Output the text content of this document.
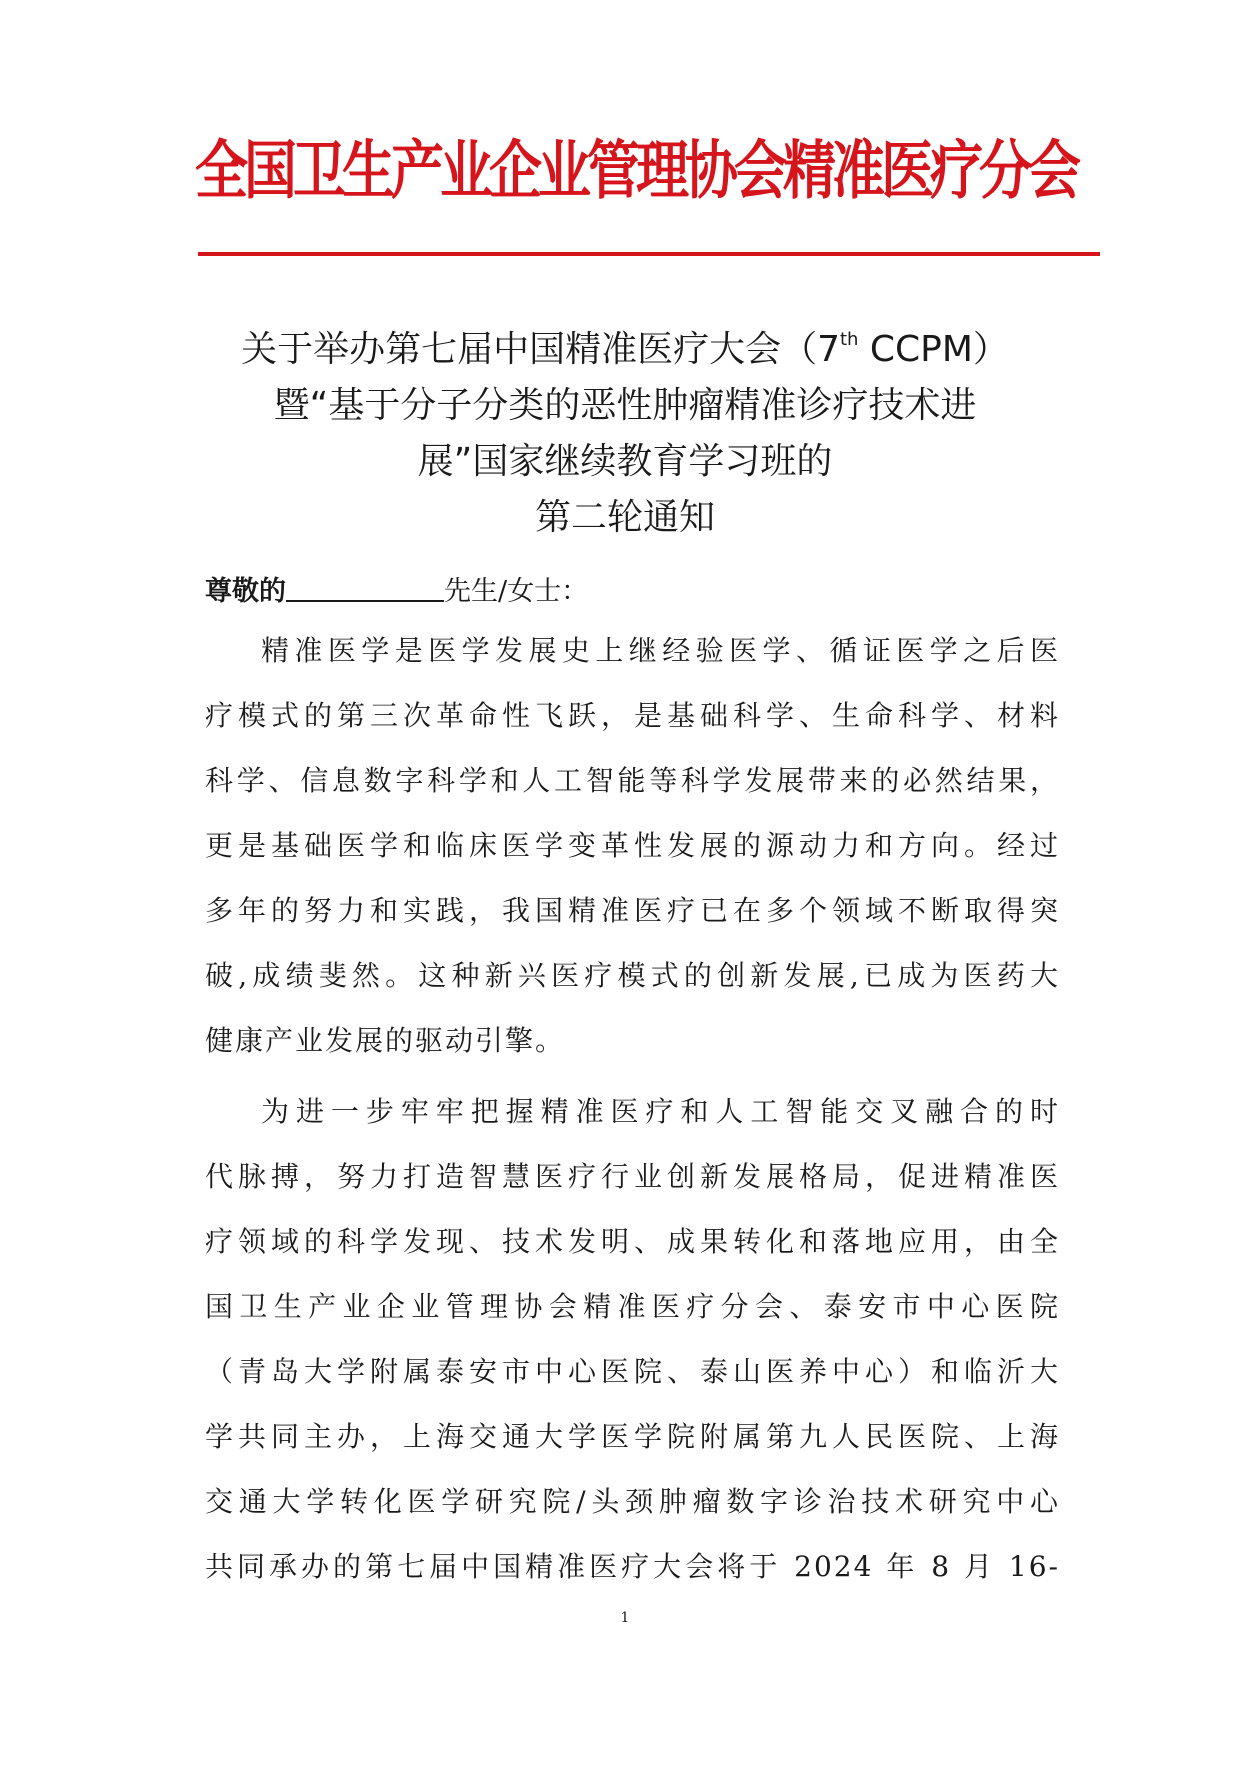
全国卫生产业企业管理协会精准医疗分会
关于举办第七届中国精准医疗大会（7th CCPM）
暨“基于分子分类的恶性肿瘤精准诊疗技术进
展”国家继续教育学习班的
第二轮通知
尊敬的	先生/女士：
精准医学是医学发展史上继经验医学、循证医学之后医
疗模式的第三次革命性飞跃，是基础科学、生命科学、材料
科学、信息数字科学和人工智能等科学发展带来的必然结果，
更是基础医学和临床医学变革性发展的源动力和方向。经过
多年的努力和实践，我国精准医疗已在多个领域不断取得突
破,成绩斐然。这种新兴医疗模式的创新发展,已成为医药大
健康产业发展的驱动引擎。
为进一步牢牢把握精准医疗和人工智能交叉融合的时
代脉搏，努力打造智慧医疗行业创新发展格局，促进精准医
疗领域的科学发现、技术发明、成果转化和落地应用，由全
国卫生产业企业管理协会精准医疗分会、泰安市中心医院
（青岛大学附属泰安市中心医院、泰山医养中心）和临沂大
学共同主办，上海交通大学医学院附属第九人民医院、上海
交通大学转化医学研究院/头颈肿瘤数字诊治技术研究中心
共同承办的第七届中国精准医疗大会将于 2024 年 8 月 16-
1
